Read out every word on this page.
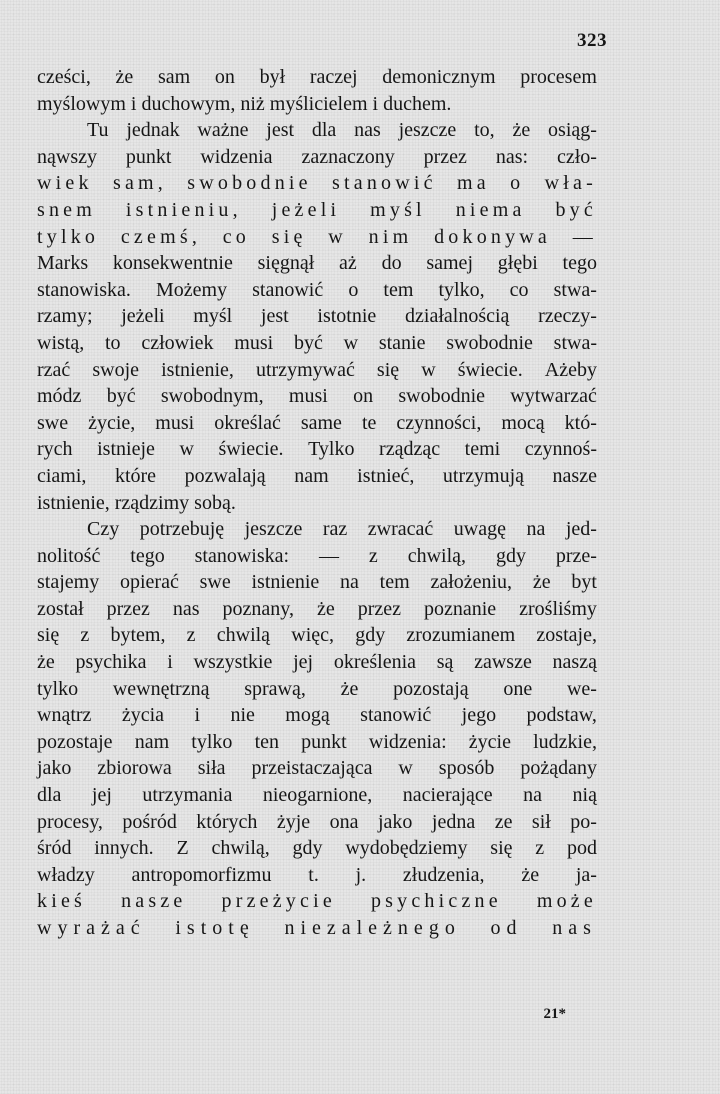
323
cześci, że sam on był raczej demonicznym procesem
myślowym i duchowym, niż myślicielem i duchem.
Tu jednak ważne jest dla nas jeszcze to, że osiąg-
nąwszy punkt widzenia zaznaczony przez nas: czło-
wiek sam, swobodnie stanowić ma o wła-
snem istnieniu, jeżeli myśl niema być
tylko czemś, co się w nim dokonywa —
Marks konsekwentnie sięgnął aż do samej głębi tego
stanowiska. Możemy stanowić o tem tylko, co stwa-
rzamy; jeżeli myśl jest istotnie działalnością rzeczy-
wistą, to człowiek musi być w stanie swobodnie stwa-
rzać swoje istnienie, utrzymywać się w świecie. Ażeby
módz być swobodnym, musi on swobodnie wytwarzać
swe życie, musi określać same te czynności, mocą któ-
rych istnieje w świecie. Tylko rządząc temi czynnoś-
ciami, które pozwalają nam istnieć, utrzymują nasze
istnienie, rządzimy sobą.
Czy potrzebuję jeszcze raz zwracać uwagę na jed-
nolitość tego stanowiska: — z chwilą, gdy prze-
stajemy opierać swe istnienie na tem założeniu, że byt
został przez nas poznany, że przez poznanie zrośliśmy
się z bytem, z chwilą więc, gdy zrozumianem zostaje,
że psychika i wszystkie jej określenia są zawsze naszą
tylko wewnętrzną sprawą, że pozostają one we-
wnątrz życia i nie mogą stanowić jego podstaw,
pozostaje nam tylko ten punkt widzenia: życie ludzkie,
jako zbiorowa siła przeistaczająca w sposób pożądany
dla jej utrzymania nieogarnione, nacierające na nią
procesy, pośród których żyje ona jako jedna ze sił po-
śród innych. Z chwilą, gdy wydobędziemy się z pod
władzy antropomorfizmu t. j. złudzenia, że ja-
kieś nasze przeżycie psychiczne może
wyrażać istotę niezależnego od nas
21*
